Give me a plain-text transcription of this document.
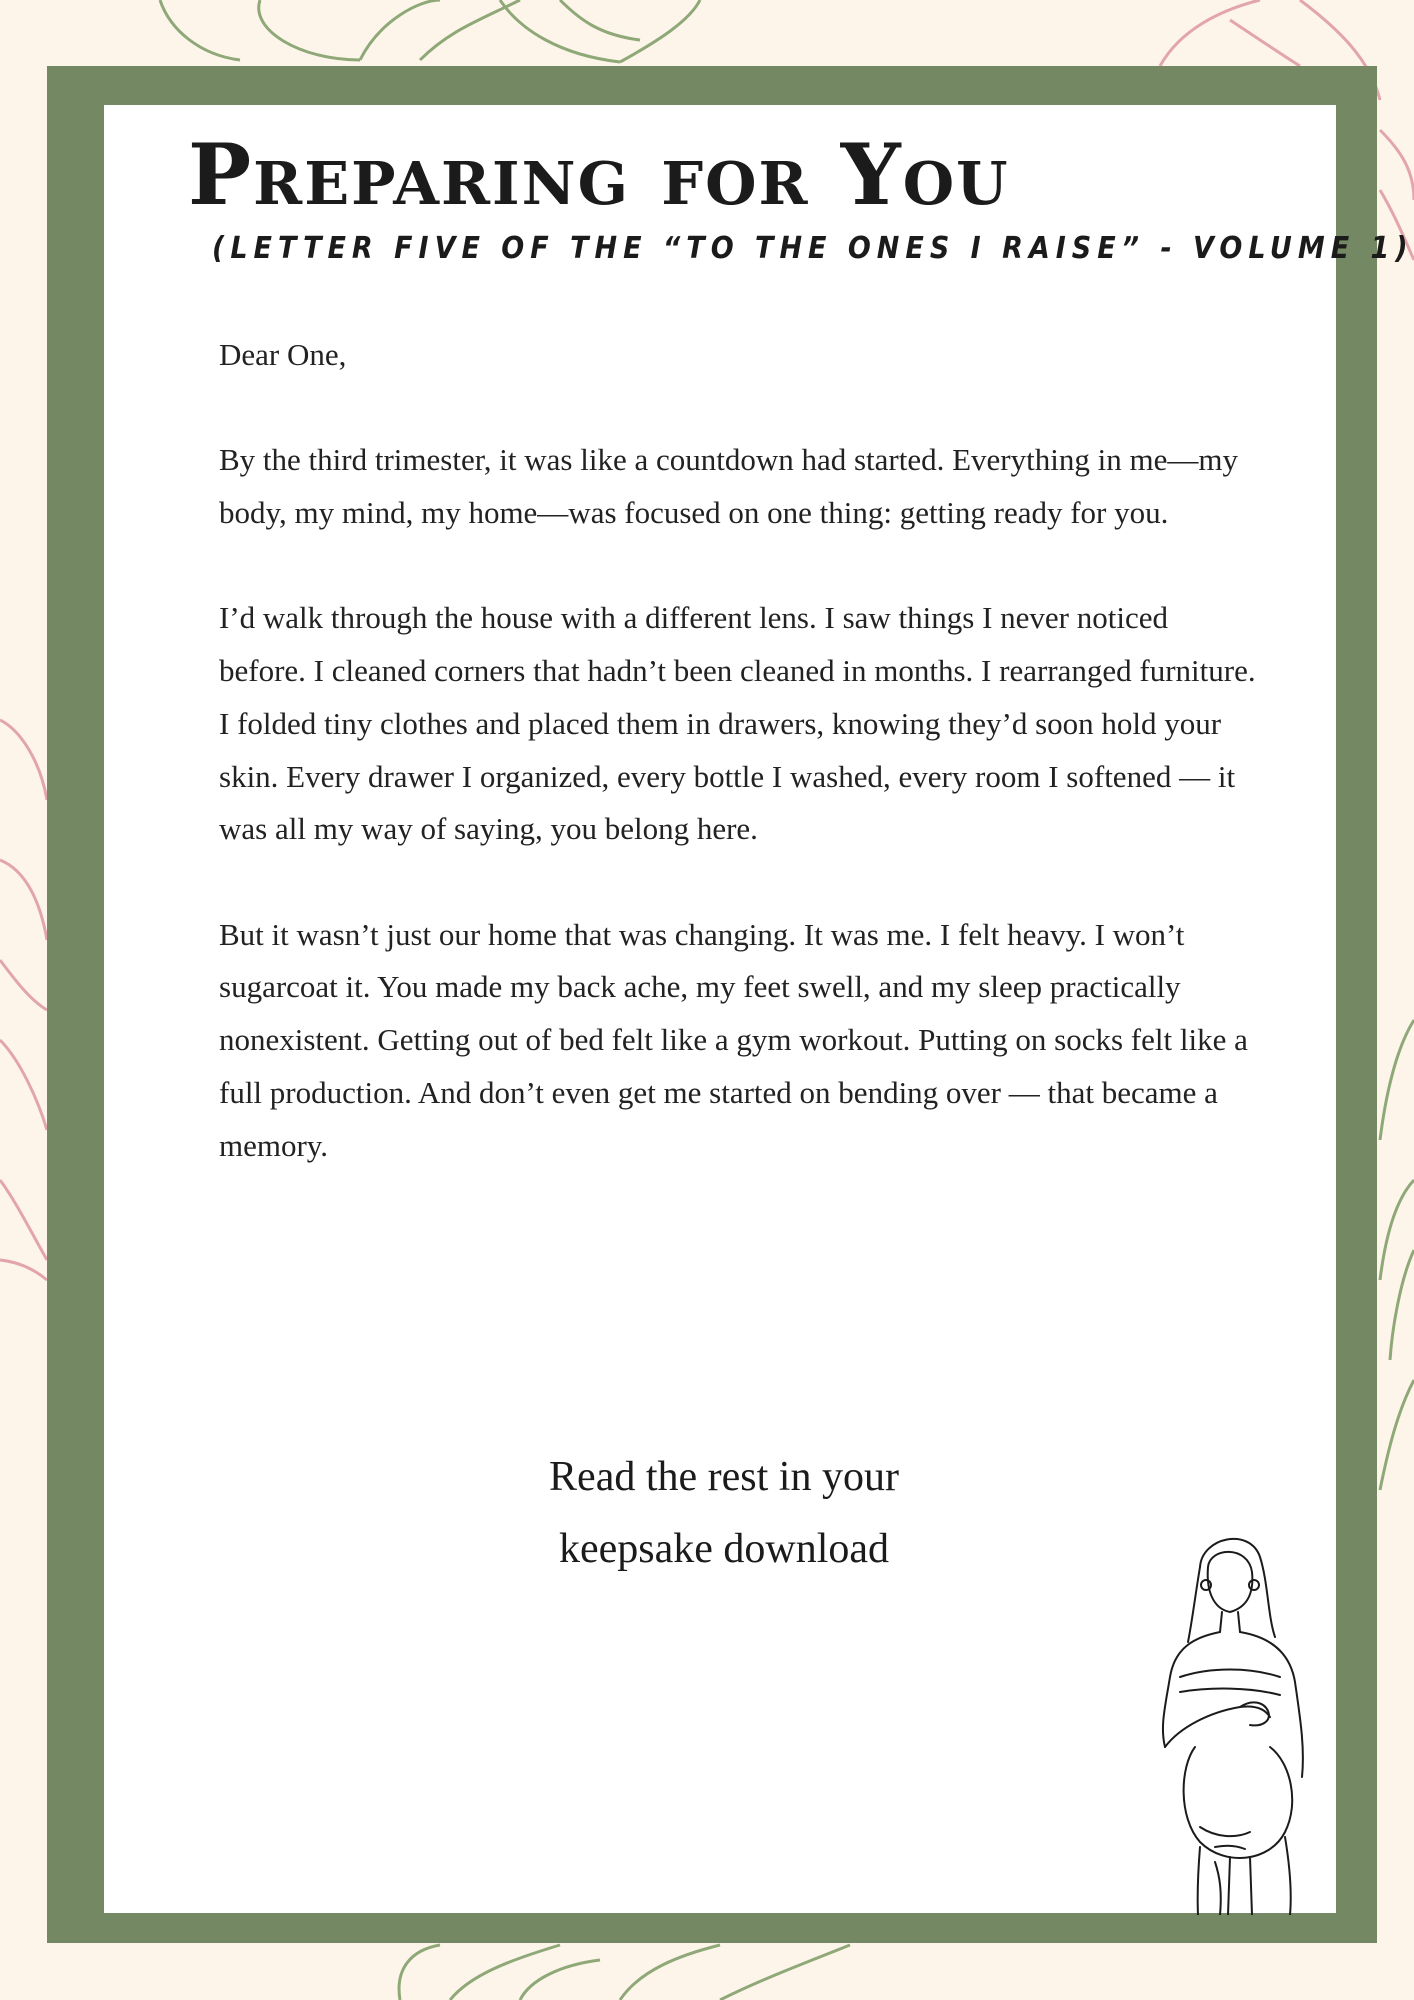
Preparing for You
(LETTER FIVE OF THE “TO THE ONES I RAISE” - VOLUME 1)

Dear One,

By the third trimester, it was like a countdown had started. Everything in me—my body, my mind, my home—was focused on one thing: getting ready for you.

I’d walk through the house with a different lens. I saw things I never noticed before. I cleaned corners that hadn’t been cleaned in months. I rearranged furniture. I folded tiny clothes and placed them in drawers, knowing they’d soon hold your skin. Every drawer I organized, every bottle I washed, every room I softened — it was all my way of saying, you belong here.

But it wasn’t just our home that was changing. It was me. I felt heavy. I won’t sugarcoat it. You made my back ache, my feet swell, and my sleep practically nonexistent. Getting out of bed felt like a gym workout. Putting on socks felt like a full production. And don’t even get me started on bending over — that became a memory.

Read the rest in your
keepsake download
